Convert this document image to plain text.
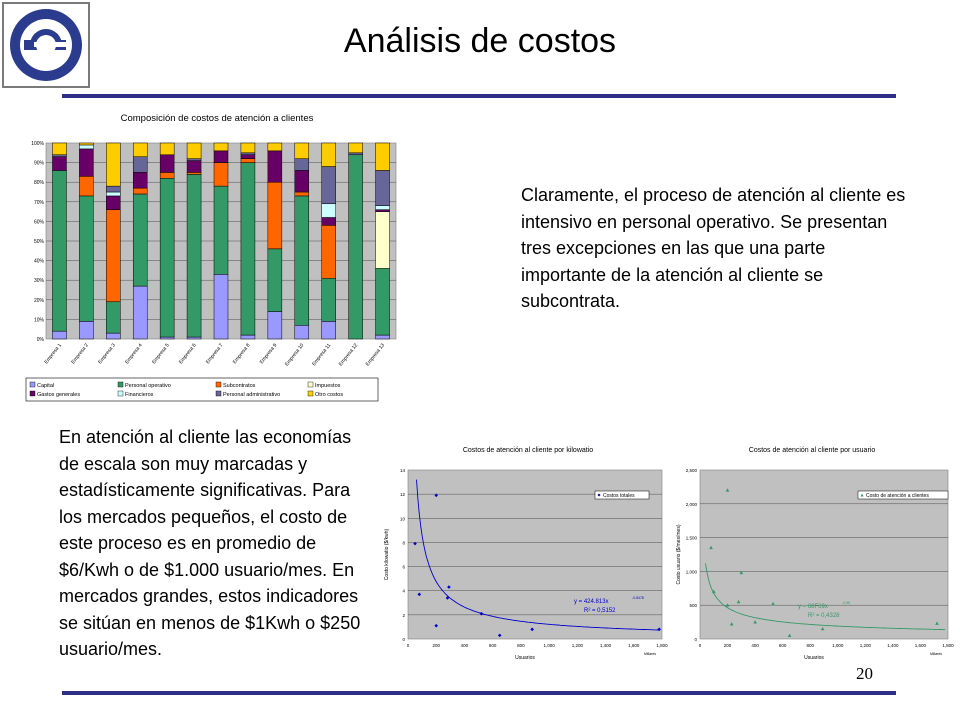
Análisis de costos
Composición de costos de atención a clientes
0%
10%
20%
30%
40%
50%
60%
70%
80%
90%
100%
Empresa 1 Empresa 2 Empresa 3 Empresa 4 Empresa 5 Empresa 6 Empresa 7 Empresa 8 Empresa 9 Empresa 10 Empresa 11 Empresa 12 Empresa 13
Capital	Personal operativo	Subcontratos	Impuestos
Gastos generales	Financieros	Personal administrativo	Otro costos
Claramente, el proceso de atención al cliente es intensivo en personal operativo. Se presentan tres excepciones en las que una parte importante de la atención al cliente se subcontrata.
En atención al cliente las economías de escala son muy marcadas y estadísticamente significativas. Para los mercados pequeños, el costo de este proceso es en promedio de $6/Kwh o de $1.000 usuario/mes. En mercados grandes, estos indicadores se sitúan en menos de $1Kwh o $250 usuario/mes.
Costos de atención al cliente por kilowatio
0
2
4
6
8
10
12
14
0	200	400	600	800	1,000	1,200	1,400	1,600	1,800
Usuarios
Millares
Costo kilowatio ($/kwh)
y = 424.813x
-0.8478
R² = 0,5152
Costos totales
Costos de atención al cliente por usuario
0
500
1,000
1,500
2,000
2,500
0	200	400	600	800	1,000	1,200	1,400	1,600	1,800
Usuarios
Millares
Costo usuario ($/mes/mes)
y = 68F69x
-0,55
R² = 0,4328
Costo de atención a clientes
20
